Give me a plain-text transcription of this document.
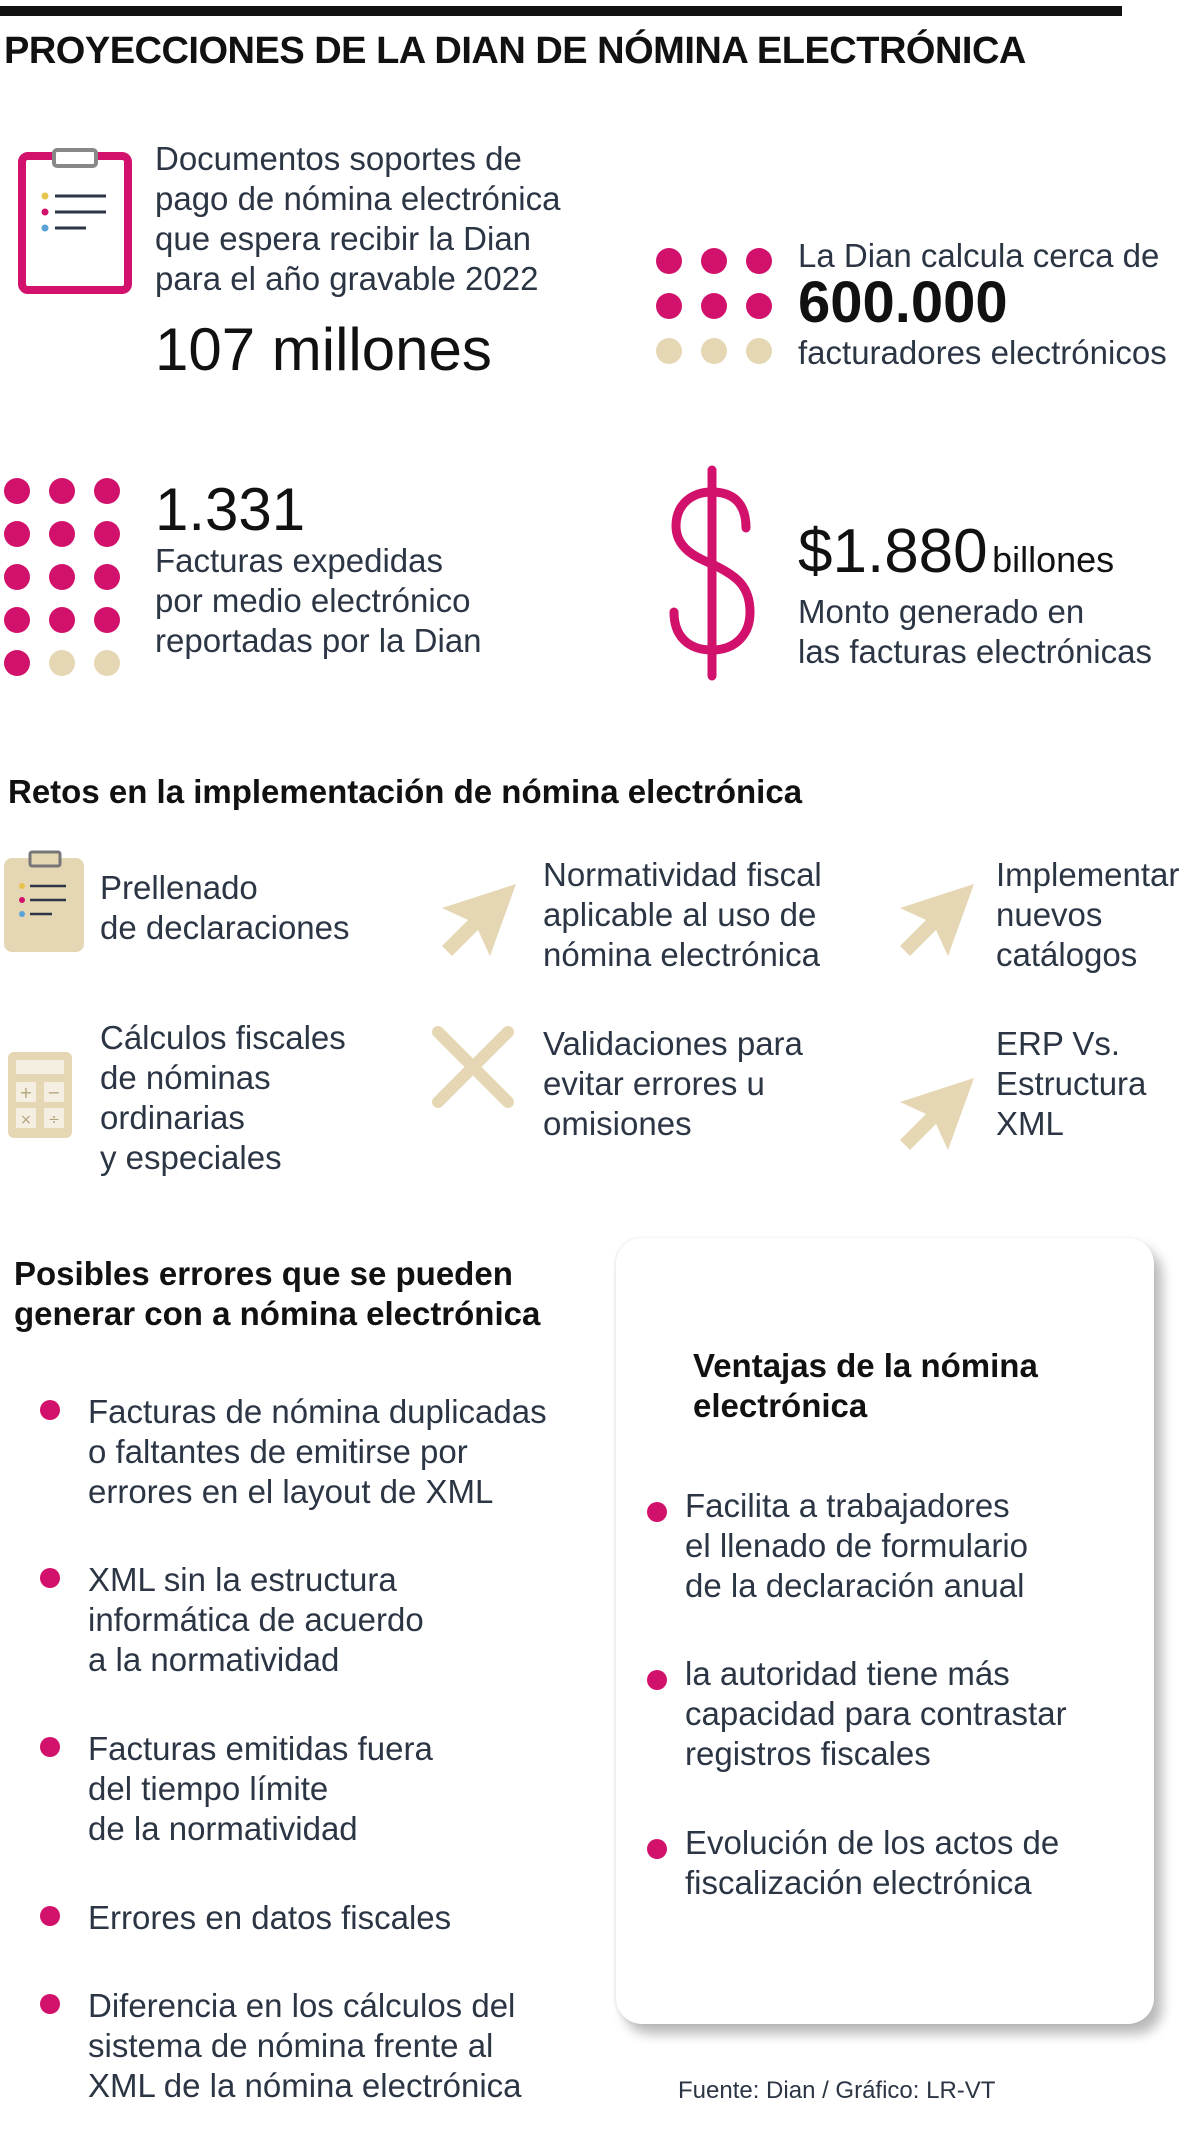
PROYECCIONES DE LA DIAN DE NÓMINA ELECTRÓNICA
Documentos soportes de
pago de nómina electrónica
que espera recibir la Dian
para el año gravable 2022
107 millones
La Dian calcula cerca de
600.000
facturadores electrónicos
1.331
Facturas expedidas
por medio electrónico
reportadas por la Dian
$1.880 billones
Monto generado en
las facturas electrónicas
Retos en la implementación de nómina electrónica
Prellenado
de declaraciones
Normatividad fiscal
aplicable al uso de
nómina electrónica
Implementar
nuevos
catálogos
+ −
× ÷
Cálculos fiscales
de nóminas
ordinarias
y especiales
Validaciones para
evitar errores u
omisiones
ERP Vs.
Estructura
XML
Posibles errores que se pueden
generar con a nómina electrónica
Facturas de nómina duplicadas
o faltantes de emitirse por
errores en el layout de XML
XML sin la estructura
informática de acuerdo
a la normatividad
Facturas emitidas fuera
del tiempo límite
de la normatividad
Errores en datos fiscales
Diferencia en los cálculos del
sistema de nómina frente al
XML de la nómina electrónica
Ventajas de la nómina
electrónica
Facilita a trabajadores
el llenado de formulario
de la declaración anual
la autoridad tiene más
capacidad para contrastar
registros fiscales
Evolución de los actos de
fiscalización electrónica
Fuente: Dian / Gráfico: LR-VT
